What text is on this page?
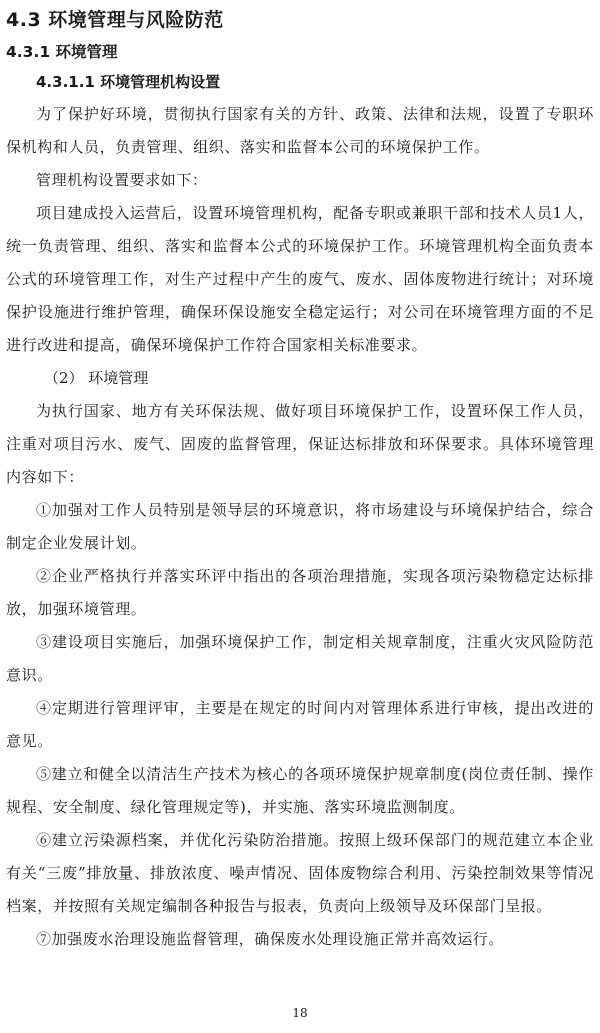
4.3 环境管理与风险防范
4.3.1 环境管理
4.3.1.1 环境管理机构设置

为了保护好环境，贯彻执行国家有关的方针、政策、法律和法规，设置了专职环保机构和人员，负责管理、组织、落实和监督本公司的环境保护工作。

管理机构设置要求如下：

项目建成投入运营后，设置环境管理机构，配备专职或兼职干部和技术人员1人，统一负责管理、组织、落实和监督本公式的环境保护工作。环境管理机构全面负责本公式的环境管理工作，对生产过程中产生的废气、废水、固体废物进行统计；对环境保护设施进行维护管理，确保环保设施安全稳定运行；对公司在环境管理方面的不足进行改进和提高，确保环境保护工作符合国家相关标准要求。

（2） 环境管理

为执行国家、地方有关环保法规、做好项目环境保护工作，设置环保工作人员，注重对项目污水、废气、固废的监督管理，保证达标排放和环保要求。具体环境管理内容如下：

①加强对工作人员特别是领导层的环境意识，将市场建设与环境保护结合，综合制定企业发展计划。

②企业严格执行并落实环评中指出的各项治理措施，实现各项污染物稳定达标排放，加强环境管理。

③建设项目实施后，加强环境保护工作，制定相关规章制度，注重火灾风险防范意识。

④定期进行管理评审，主要是在规定的时间内对管理体系进行审核，提出改进的意见。

⑤建立和健全以清洁生产技术为核心的各项环境保护规章制度(岗位责任制、操作规程、安全制度、绿化管理规定等)，并实施、落实环境监测制度。

⑥建立污染源档案，并优化污染防治措施。按照上级环保部门的规范建立本企业有关“三废”排放量、排放浓度、噪声情况、固体废物综合利用、污染控制效果等情况档案，并按照有关规定编制各种报告与报表，负责向上级领导及环保部门呈报。

⑦加强废水治理设施监督管理，确保废水处理设施正常并高效运行。

18
